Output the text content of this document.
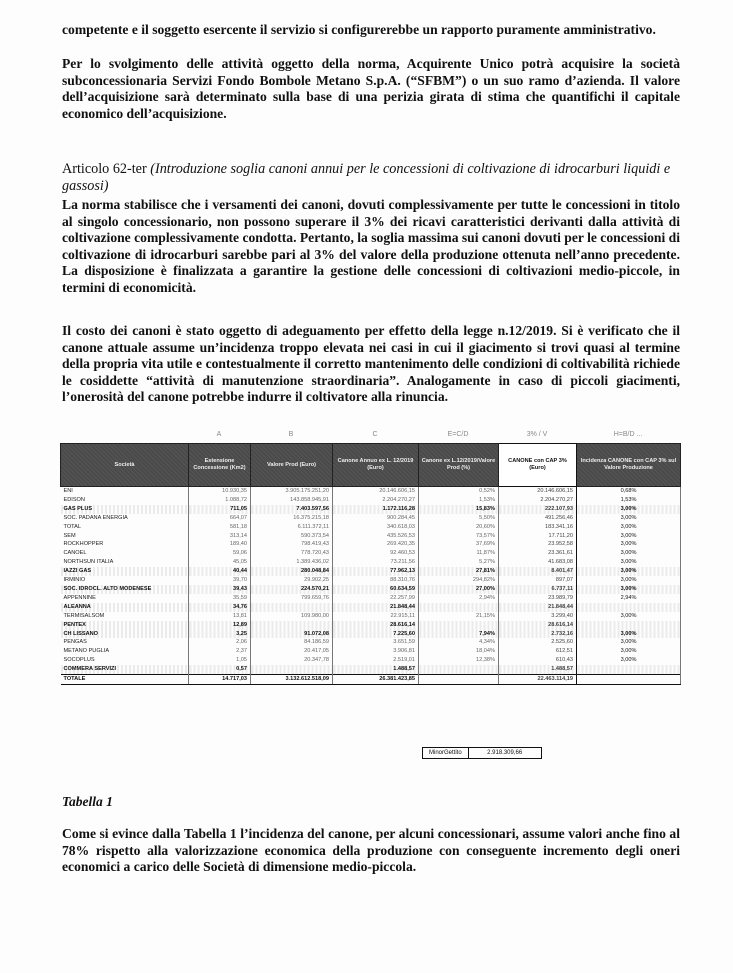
competente e il soggetto esercente il servizio si configurerebbe un rapporto puramente amministrativo.

Per lo svolgimento delle attività oggetto della norma, Acquirente Unico potrà acquisire la società subconcessionaria Servizi Fondo Bombole Metano S.p.A. (“SFBM”) o un suo ramo d’azienda. Il valore dell’acquisizione sarà determinato sulla base di una perizia girata di stima che quantifichi il capitale economico dell’acquisizione.

Articolo 62-ter (Introduzione soglia canoni annui per le concessioni di coltivazione di idrocarburi liquidi e gassosi)

La norma stabilisce che i versamenti dei canoni, dovuti complessivamente per tutte le concessioni in titolo al singolo concessionario, non possono superare il 3% dei ricavi caratteristici derivanti dalla attività di coltivazione complessivamente condotta. Pertanto, la soglia massima sui canoni dovuti per le concessioni di coltivazione di idrocarburi sarebbe pari al 3% del valore della produzione ottenuta nell’anno precedente. La disposizione è finalizzata a garantire la gestione delle concessioni di coltivazioni medio-piccole, in termini di economicità.

Il costo dei canoni è stato oggetto di adeguamento per effetto della legge n.12/2019. Si è verificato che il canone attuale assume un’incidenza troppo elevata nei casi in cui il giacimento si trovi quasi al termine della propria vita utile e contestualmente il corretto mantenimento delle condizioni di coltivabilità richiede le cosiddette “attività di manutenzione straordinaria”. Analogamente in caso di piccoli giacimenti, l’onerosità del canone potrebbe indurre il coltivatore alla rinuncia.

A	B	C	E=C/D	3% / V	H=B/D ...
Società	Estensione Concessione (Km2)	Valore Prod (Euro)	Canone Annuo ex L. 12/2019 (Euro)	Canone ex L.12/2019/Valore Prod (%)	CANONE con CAP 3% (Euro)	Incidenza CANONE con CAP 3% sul Valore Produzione
ENI	10.930,35	3.905.175.251,20	20.146.606,15	0,52%	20.146.606,15	0,68%
EDISON	1.088,72	143.858.945,91	2.204.270,27	1,53%	2.204.270,27	1,53%
GAS PLUS	711,05	7.403.597,56	1.172.116,28	15,83%	222.107,93	3,00%
SOC. PADANA ENERGIA	664,07	16.375.215,18	900.284,45	5,50%	491.256,46	3,00%
TOTAL	581,18	6.111.372,11	340.618,03	20,60%	183.341,16	3,00%
SEM	313,14	590.373,54	435.526,53	73,57%	17.711,20	3,00%
ROCKHOPPER	189,40	798.419,43	269.420,35	37,69%	23.952,58	3,00%
CANOEL	59,06	778.720,43	92.460,53	11,87%	23.361,61	3,00%
NORTHSUN ITALIA	45,05	1.389.436,02	73.211,56	5,27%	41.683,08	3,00%
IAZZI GAS	40,44	280.048,84	77.962,13	27,81%	8.401,47	3,00%
IRMINIO	39,70	29.902,25	88.310,76	294,82%	897,07	3,00%
SOC. IDROCL. ALTO MODENESE	39,43	224.570,21	60.634,59	27,00%	6.737,11	3,00%
APPENNINE	35,59	799.659,76	22.257,99	2,94%	23.989,79	2,94%
ALEANNA	34,76		21.848,44		21.848,44	
TERMISALSOM	13,81	109.980,00	22.915,11	21,15%	3.299,40	3,00%
PENTEX	12,89		28.616,14		28.616,14	
CH LISSANO	3,25	91.072,08	7.225,60	7,94%	2.732,16	3,00%
PENGAS	2,06	84.186,59	3.651,59	4,34%	2.525,60	3,00%
METANO PUGLIA	2,37	20.417,05	3.906,81	18,04%	612,51	3,00%
SOCOPLUS	1,05	20.347,78	2.519,01	12,38%	610,43	3,00%
COMMERA SERVIZI	0,57		1.488,57		1.488,57	
TOTALE	14.717,03	3.132.612.518,09	26.381.423,85		22.463.114,19	
MinorGettito	2.918.309,66

Tabella 1

Come si evince dalla Tabella 1 l’incidenza del canone, per alcuni concessionari, assume valori anche fino al 78% rispetto alla valorizzazione economica della produzione con conseguente incremento degli oneri economici a carico delle Società di dimensione medio-piccola.
